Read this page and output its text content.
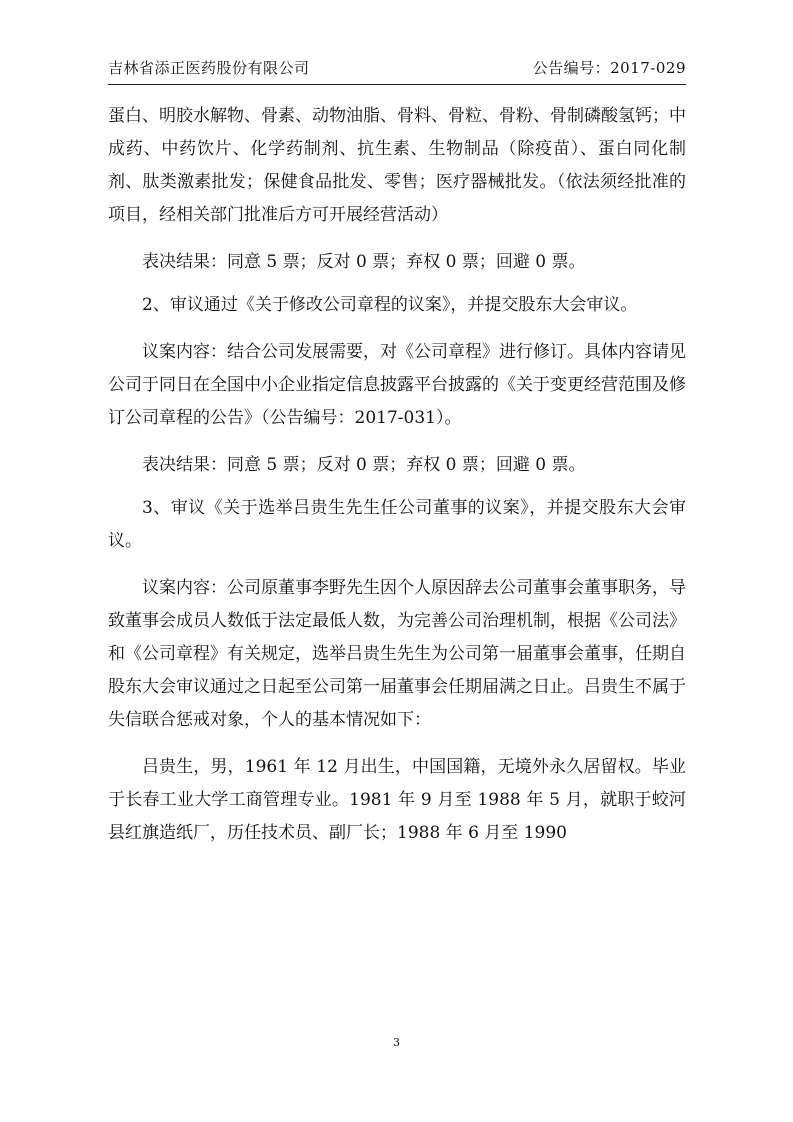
吉林省添正医药股份有限公司	公告编号：2017-029

蛋白、明胶水解物、骨素、动物油脂、骨料、骨粒、骨粉、骨制磷酸氢钙；中成药、中药饮片、化学药制剂、抗生素、生物制品（除疫苗）、蛋白同化制剂、肽类激素批发；保健食品批发、零售；医疗器械批发。（依法须经批准的项目，经相关部门批准后方可开展经营活动）

表决结果：同意 5 票；反对 0 票；弃权 0 票；回避 0 票。

2、审议通过《关于修改公司章程的议案》，并提交股东大会审议。

议案内容：结合公司发展需要，对《公司章程》进行修订。具体内容请见公司于同日在全国中小企业指定信息披露平台披露的《关于变更经营范围及修订公司章程的公告》（公告编号：2017-031）。

表决结果：同意 5 票；反对 0 票；弃权 0 票；回避 0 票。

3、审议《关于选举吕贵生先生任公司董事的议案》，并提交股东大会审议。

议案内容：公司原董事李野先生因个人原因辞去公司董事会董事职务，导致董事会成员人数低于法定最低人数，为完善公司治理机制，根据《公司法》和《公司章程》有关规定，选举吕贵生先生为公司第一届董事会董事，任期自股东大会审议通过之日起至公司第一届董事会任期届满之日止。吕贵生不属于失信联合惩戒对象，个人的基本情况如下：

吕贵生，男，1961 年 12 月出生，中国国籍，无境外永久居留权。毕业于长春工业大学工商管理专业。1981 年 9 月至 1988 年 5 月，就职于蛟河县红旗造纸厂，历任技术员、副厂长；1988 年 6 月至 1990

3
